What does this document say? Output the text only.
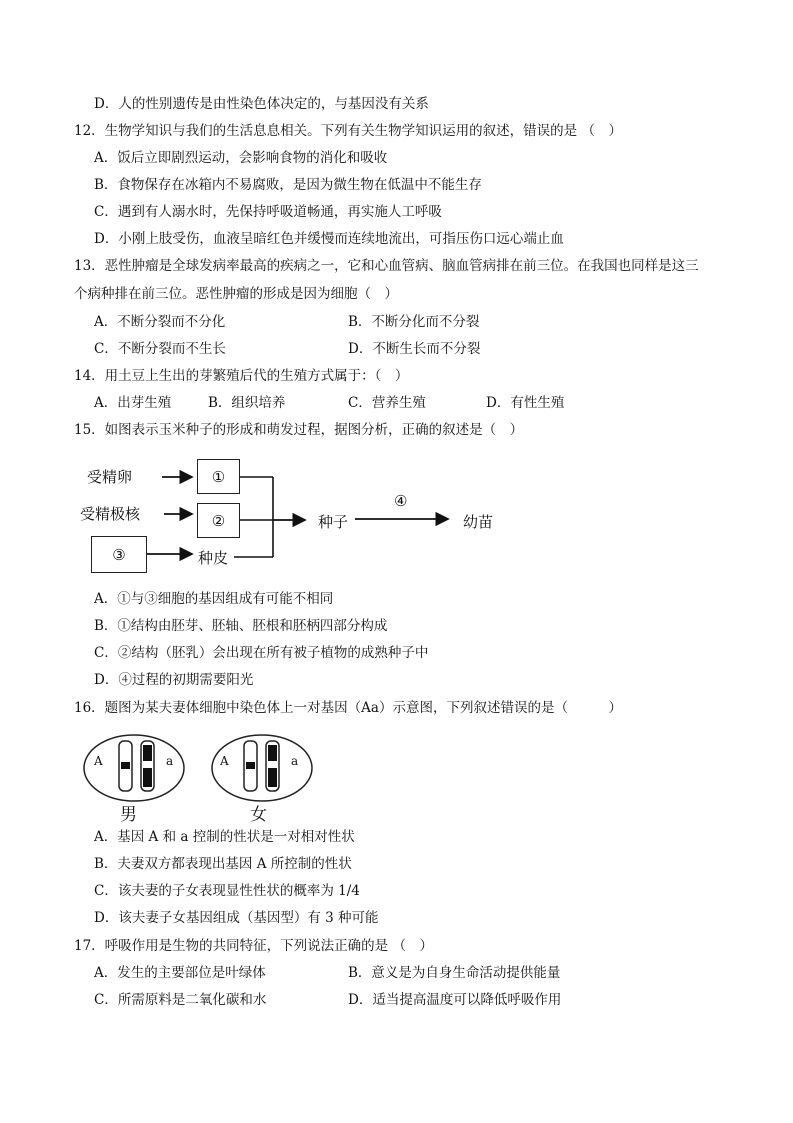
D．人的性别遗传是由性染色体决定的，与基因没有关系
12．生物学知识与我们的生活息息相关。下列有关生物学知识运用的叙述，错误的是 （　）
A．饭后立即剧烈运动，会影响食物的消化和吸收
B．食物保存在冰箱内不易腐败，是因为微生物在低温中不能生存
C．遇到有人溺水时，先保持呼吸道畅通，再实施人工呼吸
D．小刚上肢受伤，血液呈暗红色并缓慢而连续地流出，可指压伤口远心端止血
13．恶性肿瘤是全球发病率最高的疾病之一，它和心血管病、脑血管病排在前三位。在我国也同样是这三
个病种排在前三位。恶性肿瘤的形成是因为细胞（　）
A．不断分裂而不分化	B．不断分化而不分裂
C．不断分裂而不生长	D．不断生长而不分裂
14．用土豆上生出的芽繁殖后代的生殖方式属于：（　）
A．出芽生殖	B．组织培养	C．营养生殖	D．有性生殖
15．如图表示玉米种子的形成和萌发过程，据图分析，正确的叙述是（　）
受精卵
受精极核
①
②
③	种皮
种子
④
幼苗
A．①与③细胞的基因组成有可能不相同
B．①结构由胚芽、胚轴、胚根和胚柄四部分构成
C．②结构（胚乳）会出现在所有被子植物的成熟种子中
D．④过程的初期需要阳光
16．题图为某夫妻体细胞中染色体上一对基因（Aa）示意图，下列叙述错误的是（　　　）
A	a	A	a
男	女
A．基因 A 和 a 控制的性状是一对相对性状
B．夫妻双方都表现出基因 A 所控制的性状
C．该夫妻的子女表现显性性状的概率为 1/4
D．该夫妻子女基因组成（基因型）有 3 种可能
17．呼吸作用是生物的共同特征，下列说法正确的是 （　）
A．发生的主要部位是叶绿体	B．意义是为自身生命活动提供能量
C．所需原料是二氧化碳和水	D．适当提高温度可以降低呼吸作用
